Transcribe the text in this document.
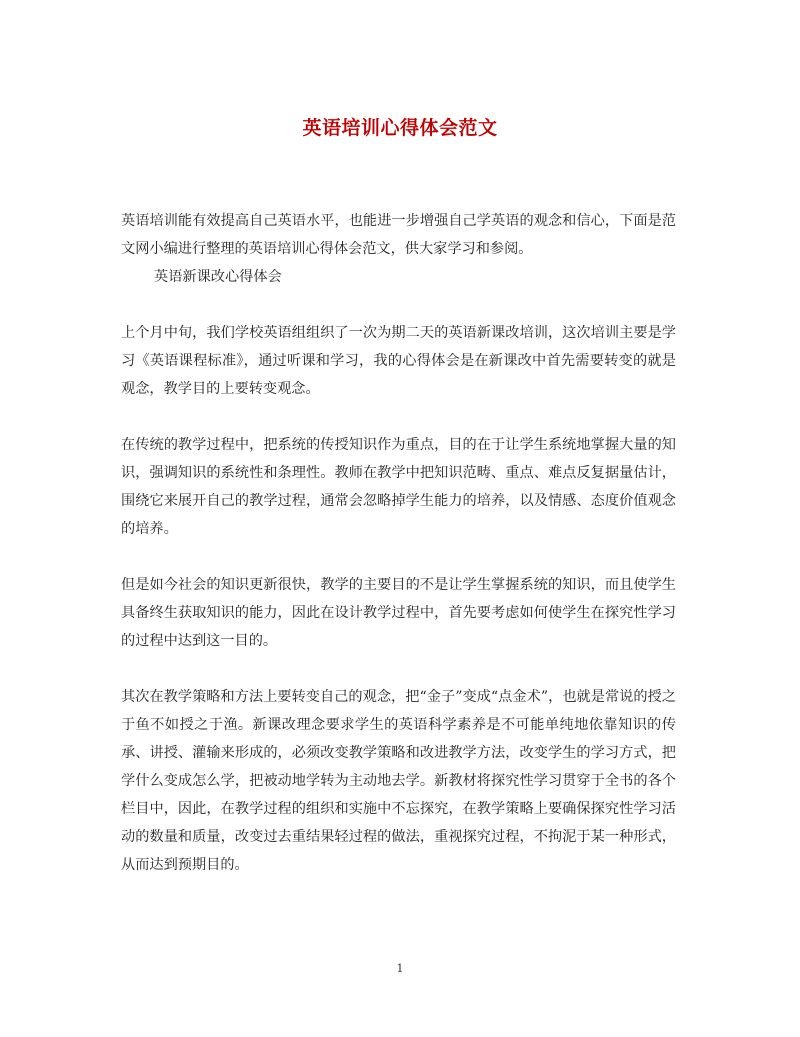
英语培训心得体会范文

英语培训能有效提高自己英语水平，也能进一步增强自己学英语的观念和信心，下面是范文网小编进行整理的英语培训心得体会范文，供大家学习和参阅。

英语新课改心得体会

上个月中旬，我们学校英语组组织了一次为期二天的英语新课改培训，这次培训主要是学习《英语课程标准》，通过听课和学习，我的心得体会是在新课改中首先需要转变的就是观念，教学目的上要转变观念。

在传统的教学过程中，把系统的传授知识作为重点，目的在于让学生系统地掌握大量的知识，强调知识的系统性和条理性。教师在教学中把知识范畴、重点、难点反复据量估计，围绕它来展开自己的教学过程，通常会忽略掉学生能力的培养，以及情感、态度价值观念的培养。

但是如今社会的知识更新很快，教学的主要目的不是让学生掌握系统的知识，而且使学生具备终生获取知识的能力，因此在设计教学过程中，首先要考虑如何使学生在探究性学习的过程中达到这一目的。

其次在教学策略和方法上要转变自己的观念，把“金子”变成“点金术”，也就是常说的授之于鱼不如授之于渔。新课改理念要求学生的英语科学素养是不可能单纯地依靠知识的传承、讲授、灌输来形成的，必须改变教学策略和改进教学方法，改变学生的学习方式，把学什么变成怎么学，把被动地学转为主动地去学。新教材将探究性学习贯穿于全书的各个栏目中，因此，在教学过程的组织和实施中不忘探究，在教学策略上要确保探究性学习活动的数量和质量，改变过去重结果轻过程的做法，重视探究过程，不拘泥于某一种形式，从而达到预期目的。

1
